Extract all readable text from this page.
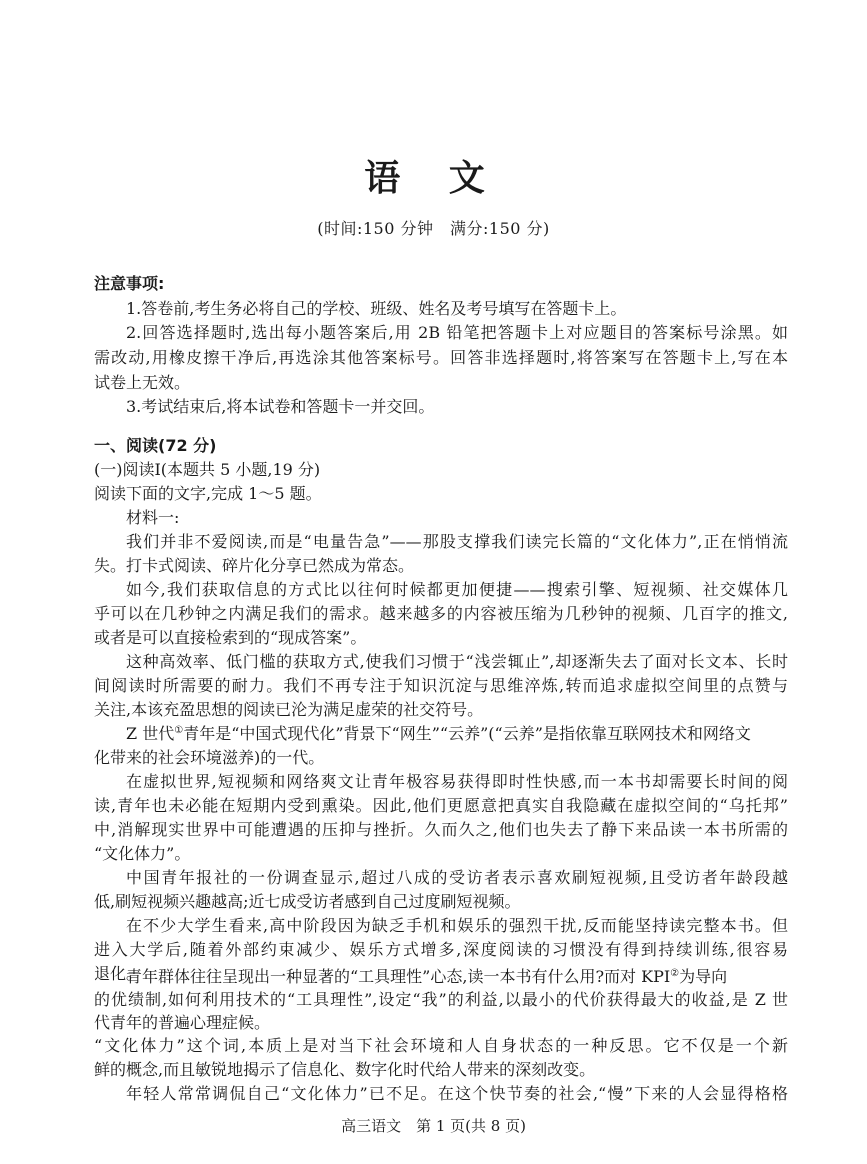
语 文
(时间:150 分钟　满分:150 分)
注意事项:
1.答卷前,考生务必将自己的学校、班级、姓名及考号填写在答题卡上。
2.回答选择题时,选出每小题答案后,用 2B 铅笔把答题卡上对应题目的答案标号涂黑。如
需改动,用橡皮擦干净后,再选涂其他答案标号。回答非选择题时,将答案写在答题卡上,写在本
试卷上无效。
3.考试结束后,将本试卷和答题卡一并交回。
一、阅读(72 分)
(一)阅读Ⅰ(本题共 5 小题,19 分)
阅读下面的文字,完成 1～5 题。
材料一:
我们并非不爱阅读,而是“电量告急”——那股支撑我们读完长篇的“文化体力”,正在悄悄流
失。打卡式阅读、碎片化分享已然成为常态。
如今,我们获取信息的方式比以往何时候都更加便捷——搜索引擎、短视频、社交媒体几
乎可以在几秒钟之内满足我们的需求。越来越多的内容被压缩为几秒钟的视频、几百字的推文,
或者是可以直接检索到的“现成答案”。
这种高效率、低门槛的获取方式,使我们习惯于“浅尝辄止”,却逐渐失去了面对长文本、长时
间阅读时所需要的耐力。我们不再专注于知识沉淀与思维淬炼,转而追求虚拟空间里的点赞与
关注,本该充盈思想的阅读已沦为满足虚荣的社交符号。
Z 世代①青年是“中国式现代化”背景下“网生”“云养”(“云养”是指依靠互联网技术和网络文
化带来的社会环境滋养)的一代。
在虚拟世界,短视频和网络爽文让青年极容易获得即时性快感,而一本书却需要长时间的阅
读,青年也未必能在短期内受到熏染。因此,他们更愿意把真实自我隐藏在虚拟空间的“乌托邦”
中,消解现实世界中可能遭遇的压抑与挫折。久而久之,他们也失去了静下来品读一本书所需的
“文化体力”。
中国青年报社的一份调查显示,超过八成的受访者表示喜欢刷短视频,且受访者年龄段越
低,刷短视频兴趣越高;近七成受访者感到自己过度刷短视频。
在不少大学生看来,高中阶段因为缺乏手机和娱乐的强烈干扰,反而能坚持读完整本书。但
进入大学后,随着外部约束减少、娱乐方式增多,深度阅读的习惯没有得到持续训练,很容易
退化。
青年群体往往呈现出一种显著的“工具理性”心态,读一本书有什么用?而对 KPI②为导向
的优绩制,如何利用技术的“工具理性”,设定“我”的利益,以最小的代价获得最大的收益,是 Z 世
代青年的普遍心理症候。
“文化体力”这个词,本质上是对当下社会环境和人自身状态的一种反思。它不仅是一个新
鲜的概念,而且敏锐地揭示了信息化、数字化时代给人带来的深刻改变。
高三语文　第 1 页(共 8 页)
年轻人常常调侃自己“文化体力”已不足。在这个快节奏的社会,“慢”下来的人会显得格格
